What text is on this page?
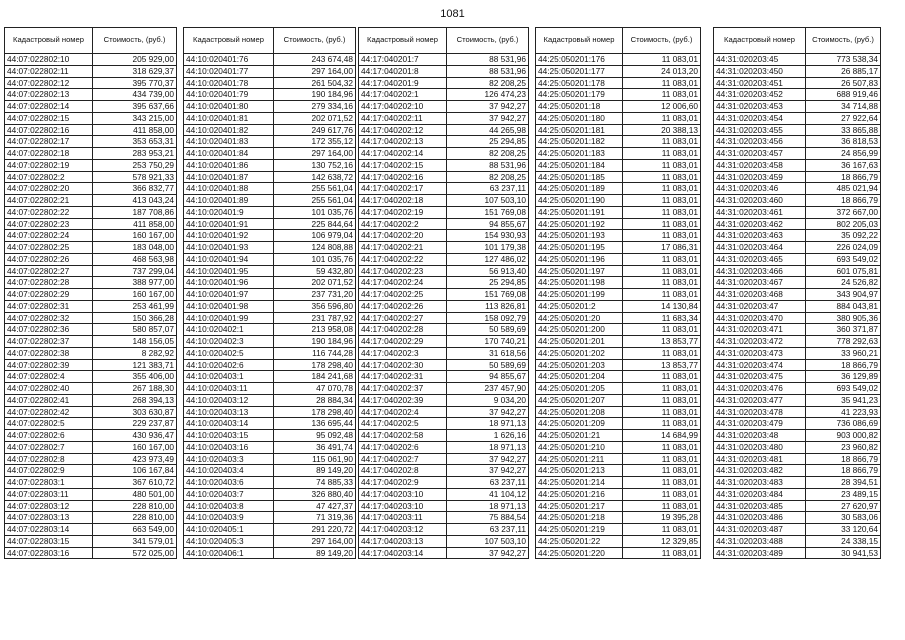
1081
Кадастровый номер	Стоимость, (руб.)
44:07:022802:10	205 929,00
44:07:022802:11	318 629,37
44:07:022802:12	395 770,37
44:07:022802:13	434 739,00
44:07:022802:14	395 637,66
44:07:022802:15	343 215,00
44:07:022802:16	411 858,00
44:07:022802:17	353 653,31
44:07:022802:18	283 953,21
44:07:022802:19	253 750,29
44:07:022802:2	578 921,33
44:07:022802:20	366 832,77
44:07:022802:21	413 043,24
44:07:022802:22	187 708,86
44:07:022802:23	411 858,00
44:07:022802:24	160 167,00
44:07:022802:25	183 048,00
44:07:022802:26	468 563,98
44:07:022802:27	737 299,04
44:07:022802:28	388 977,00
44:07:022802:29	160 167,00
44:07:022802:31	253 461,99
44:07:022802:32	150 366,28
44:07:022802:36	580 857,07
44:07:022802:37	148 156,05
44:07:022802:38	8 282,92
44:07:022802:39	121 383,71
44:07:022802:4	355 406,00
44:07:022802:40	267 188,30
44:07:022802:41	268 394,13
44:07:022802:42	303 630,87
44:07:022802:5	229 237,87
44:07:022802:6	430 936,47
44:07:022802:7	160 167,00
44:07:022802:8	423 973,49
44:07:022802:9	106 167,84
44:07:022803:1	367 610,72
44:07:022803:11	480 501,00
44:07:022803:12	228 810,00
44:07:022803:13	228 810,00
44:07:022803:14	663 549,00
44:07:022803:15	341 579,01
44:07:022803:16	572 025,00
Кадастровый номер	Стоимость, (руб.)
44:10:020401:76	243 674,48
44:10:020401:77	297 164,00
44:10:020401:78	261 504,32
44:10:020401:79	190 184,96
44:10:020401:80	279 334,16
44:10:020401:81	202 071,52
44:10:020401:82	249 617,76
44:10:020401:83	172 355,12
44:10:020401:84	297 164,00
44:10:020401:86	130 752,16
44:10:020401:87	142 638,72
44:10:020401:88	255 561,04
44:10:020401:89	255 561,04
44:10:020401:9	101 035,76
44:10:020401:91	225 844,64
44:10:020401:92	106 979,04
44:10:020401:93	124 808,88
44:10:020401:94	101 035,76
44:10:020401:95	59 432,80
44:10:020401:96	202 071,52
44:10:020401:97	237 731,20
44:10:020401:98	356 596,80
44:10:020401:99	231 787,92
44:10:020402:1	213 958,08
44:10:020402:3	190 184,96
44:10:020402:5	116 744,28
44:10:020402:6	178 298,40
44:10:020403:1	184 241,68
44:10:020403:11	47 070,78
44:10:020403:12	28 884,34
44:10:020403:13	178 298,40
44:10:020403:14	136 695,44
44:10:020403:15	95 092,48
44:10:020403:16	36 491,74
44:10:020403:3	115 061,90
44:10:020403:4	89 149,20
44:10:020403:6	74 885,33
44:10:020403:7	326 880,40
44:10:020403:8	47 427,37
44:10:020403:9	71 319,36
44:10:020405:1	291 220,72
44:10:020405:3	297 164,00
44:10:020406:1	89 149,20
Кадастровый номер	Стоимость, (руб.)
44:17:040201:7	88 531,96
44:17:040201:8	88 531,96
44:17:040201:9	82 208,25
44:17:040202:1	126 474,23
44:17:040202:10	37 942,27
44:17:040202:11	37 942,27
44:17:040202:12	44 265,98
44:17:040202:13	25 294,85
44:17:040202:14	82 208,25
44:17:040202:15	88 531,96
44:17:040202:16	82 208,25
44:17:040202:17	63 237,11
44:17:040202:18	107 503,10
44:17:040202:19	151 769,08
44:17:040202:2	94 855,67
44:17:040202:20	154 930,93
44:17:040202:21	101 179,38
44:17:040202:22	127 486,02
44:17:040202:23	56 913,40
44:17:040202:24	25 294,85
44:17:040202:25	151 769,08
44:17:040202:26	113 826,81
44:17:040202:27	158 092,79
44:17:040202:28	50 589,69
44:17:040202:29	170 740,21
44:17:040202:3	31 618,56
44:17:040202:30	50 589,69
44:17:040202:31	94 855,67
44:17:040202:37	237 457,90
44:17:040202:39	9 034,20
44:17:040202:4	37 942,27
44:17:040202:5	18 971,13
44:17:040202:58	1 626,16
44:17:040202:6	18 971,13
44:17:040202:7	37 942,27
44:17:040202:8	37 942,27
44:17:040202:9	63 237,11
44:17:040203:10	41 104,12
44:17:040203:10	18 971,13
44:17:040203:11	75 884,54
44:17:040203:12	63 237,11
44:17:040203:13	107 503,10
44:17:040203:14	37 942,27
Кадастровый номер	Стоимость, (руб.)
44:25:050201:176	11 083,01
44:25:050201:177	24 013,20
44:25:050201:178	11 083,01
44:25:050201:179	11 083,01
44:25:050201:18	12 006,60
44:25:050201:180	11 083,01
44:25:050201:181	20 388,13
44:25:050201:182	11 083,01
44:25:050201:183	11 083,01
44:25:050201:184	11 083,01
44:25:050201:185	11 083,01
44:25:050201:189	11 083,01
44:25:050201:190	11 083,01
44:25:050201:191	11 083,01
44:25:050201:192	11 083,01
44:25:050201:193	11 083,01
44:25:050201:195	17 086,31
44:25:050201:196	11 083,01
44:25:050201:197	11 083,01
44:25:050201:198	11 083,01
44:25:050201:199	11 083,01
44:25:050201:2	14 130,84
44:25:050201:20	11 683,34
44:25:050201:200	11 083,01
44:25:050201:201	13 853,77
44:25:050201:202	11 083,01
44:25:050201:203	13 853,77
44:25:050201:204	11 083,01
44:25:050201:205	11 083,01
44:25:050201:207	11 083,01
44:25:050201:208	11 083,01
44:25:050201:209	11 083,01
44:25:050201:21	14 684,99
44:25:050201:210	11 083,01
44:25:050201:211	11 083,01
44:25:050201:213	11 083,01
44:25:050201:214	11 083,01
44:25:050201:216	11 083,01
44:25:050201:217	11 083,01
44:25:050201:218	19 395,28
44:25:050201:219	11 083,01
44:25:050201:22	12 329,85
44:25:050201:220	11 083,01
Кадастровый номер	Стоимость, (руб.)
44:31:020203:45	773 538,34
44:31:020203:450	26 885,17
44:31:020203:451	26 507,83
44:31:020203:452	688 919,46
44:31:020203:453	34 714,88
44:31:020203:454	27 922,64
44:31:020203:455	33 865,88
44:31:020203:456	36 818,53
44:31:020203:457	24 856,99
44:31:020203:458	36 167,63
44:31:020203:459	18 866,79
44:31:020203:46	485 021,94
44:31:020203:460	18 866,79
44:31:020203:461	372 667,00
44:31:020203:462	802 205,03
44:31:020203:463	35 092,22
44:31:020203:464	226 024,09
44:31:020203:465	693 549,02
44:31:020203:466	601 075,81
44:31:020203:467	24 526,82
44:31:020203:468	343 904,97
44:31:020203:47	884 043,81
44:31:020203:470	380 905,36
44:31:020203:471	360 371,87
44:31:020203:472	778 292,63
44:31:020203:473	33 960,21
44:31:020203:474	18 866,79
44:31:020203:475	36 129,89
44:31:020203:476	693 549,02
44:31:020203:477	35 941,23
44:31:020203:478	41 223,93
44:31:020203:479	736 086,69
44:31:020203:48	903 000,82
44:31:020203:480	23 960,82
44:31:020203:481	18 866,79
44:31:020203:482	18 866,79
44:31:020203:483	28 394,51
44:31:020203:484	23 489,15
44:31:020203:485	27 620,97
44:31:020203:486	30 583,06
44:31:020203:487	33 120,64
44:31:020203:488	24 338,15
44:31:020203:489	30 941,53
